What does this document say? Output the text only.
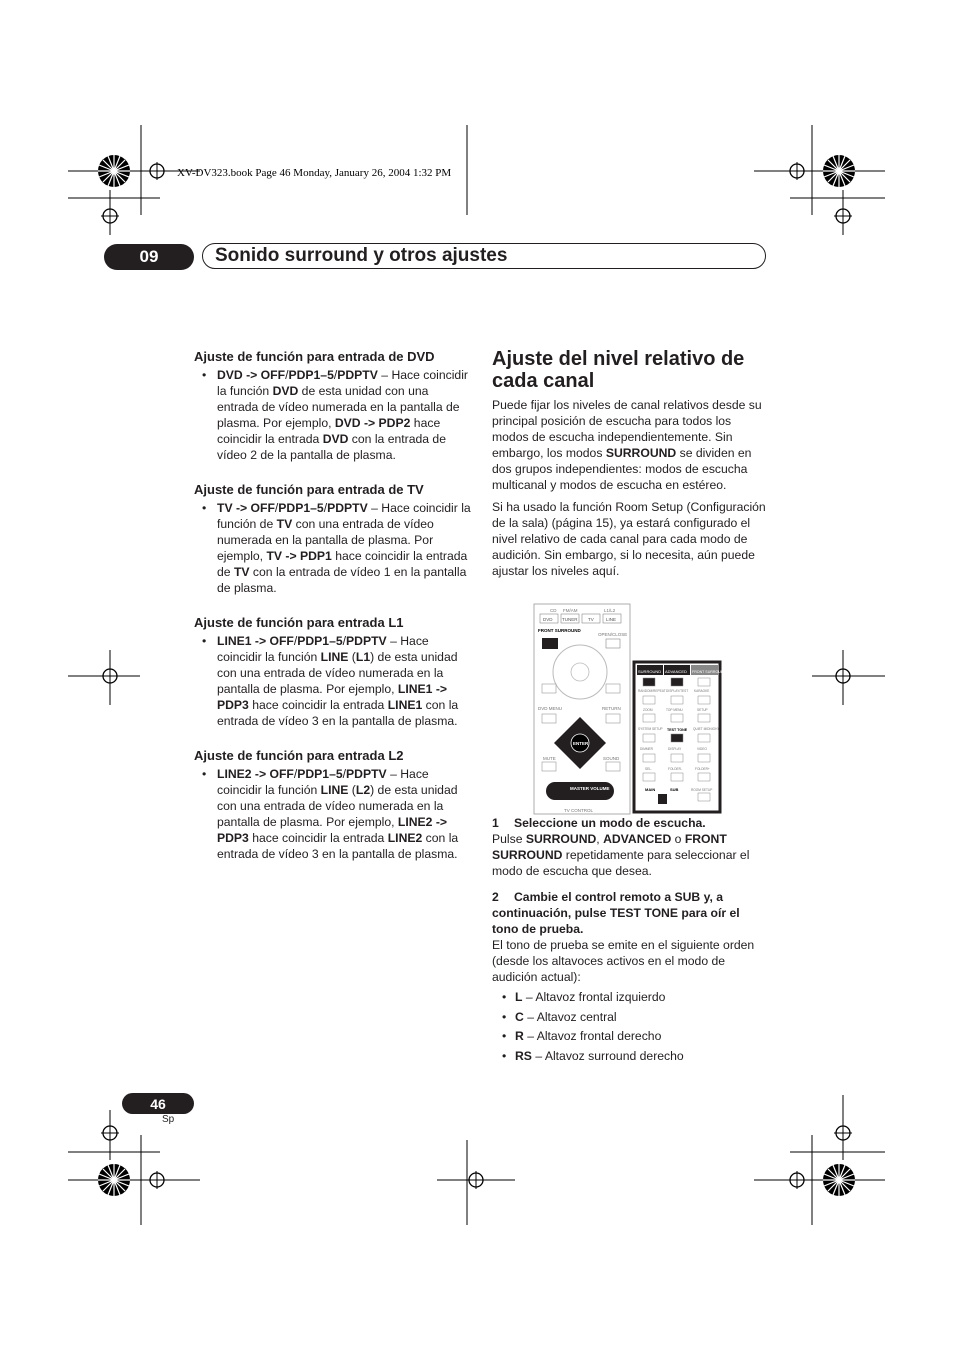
XV-DV323.book Page 46 Monday, January 26, 2004 1:32 PM
09	Sonido surround y otros ajustes
Ajuste de función para entrada de DVD
• DVD -> OFF/PDP1–5/PDPTV – Hace coincidir la función DVD de esta unidad con una entrada de vídeo numerada en la pantalla de plasma. Por ejemplo, DVD -> PDP2 hace coincidir la entrada DVD con la entrada de vídeo 2 de la pantalla de plasma.
Ajuste de función para entrada de TV
• TV -> OFF/PDP1–5/PDPTV – Hace coincidir la función de TV con una entrada de vídeo numerada en la pantalla de plasma. Por ejemplo, TV -> PDP1 hace coincidir la entrada de TV con la entrada de vídeo 1 en la pantalla de plasma.
Ajuste de función para entrada L1
• LINE1 -> OFF/PDP1–5/PDPTV – Hace coincidir la función LINE (L1) de esta unidad con una entrada de vídeo numerada en la pantalla de plasma. Por ejemplo, LINE1 -> PDP3 hace coincidir la entrada LINE1 con la entrada de vídeo 3 en la pantalla de plasma.
Ajuste de función para entrada L2
• LINE2 -> OFF/PDP1–5/PDPTV – Hace coincidir la función LINE (L2) de esta unidad con una entrada de vídeo numerada en la pantalla de plasma. Por ejemplo, LINE2 -> PDP3 hace coincidir la entrada LINE2 con la entrada de vídeo 3 en la pantalla de plasma.
Ajuste del nivel relativo de cada canal

Puede fijar los niveles de canal relativos desde su principal posición de escucha para todos los modos de escucha independientemente. Sin embargo, los modos SURROUND se dividen en dos grupos independientes: modos de escucha multicanal y modos de escucha en estéreo.

Si ha usado la función Room Setup (Configuración de la sala) (página 15), ya estará configurado el nivel relativo de cada canal para cada modo de audición. Sin embargo, si lo necesita, aún puede ajustar los niveles aquí.

1 Seleccione un modo de escucha.

Pulse SURROUND, ADVANCED o FRONT SURROUND repetidamente para seleccionar el modo de escucha que desea.

2 Cambie el control remoto a SUB y, a continuación, pulse TEST TONE para oír el tono de prueba.

El tono de prueba se emite en el siguiente orden (desde los altavoces activos en el modo de audición actual):

• L – Altavoz frontal izquierdo
• C – Altavoz central
• R – Altavoz frontal derecho
• RS – Altavoz surround derecho
CD FM/AM	L1/L2
DVD TUNER TV	LINE
FRONT SURROUND
OPEN/CLOSE
DVD MENU	RETURN
ENTER
MUTE	SOUND
MASTER VOLUME
TV CONTROL
SURROUND ADVANCED FRONT SURROUND
RANDOM/REPEAT DISPLAY/TEST KARAOKE
ZOOM	TOP MENU	SETUP
SYSTEM SETUP TEST TONE QUIET MIDNIGHT
DIMMER	DISPLAY	VIDEO
SEL.	FOLDER-	FOLDER+
MAIN	SUB	ROOM SETUP
46
Sp
